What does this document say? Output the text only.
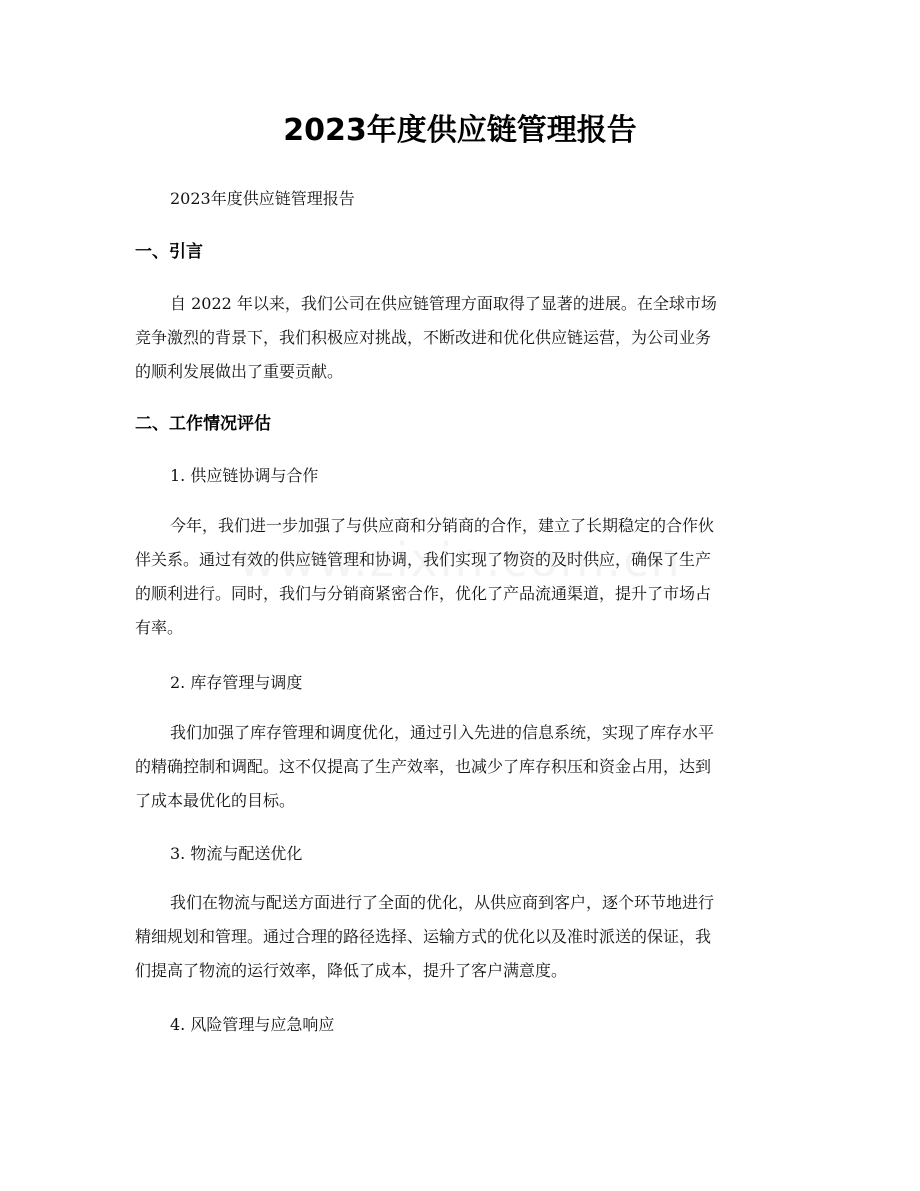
2023年度供应链管理报告
2023年度供应链管理报告
一、引言
自 2022 年以来，我们公司在供应链管理方面取得了显著的进展。在全球市场
竞争激烈的背景下，我们积极应对挑战，不断改进和优化供应链运营，为公司业务
的顺利发展做出了重要贡献。
二、工作情况评估
1. 供应链协调与合作
今年，我们进一步加强了与供应商和分销商的合作，建立了长期稳定的合作伙
伴关系。通过有效的供应链管理和协调，我们实现了物资的及时供应，确保了生产
的顺利进行。同时，我们与分销商紧密合作，优化了产品流通渠道，提升了市场占
有率。
2. 库存管理与调度
我们加强了库存管理和调度优化，通过引入先进的信息系统，实现了库存水平
的精确控制和调配。这不仅提高了生产效率，也减少了库存积压和资金占用，达到
了成本最优化的目标。
3. 物流与配送优化
我们在物流与配送方面进行了全面的优化，从供应商到客户，逐个环节地进行
精细规划和管理。通过合理的路径选择、运输方式的优化以及准时派送的保证，我
们提高了物流的运行效率，降低了成本，提升了客户满意度。
4. 风险管理与应急响应
